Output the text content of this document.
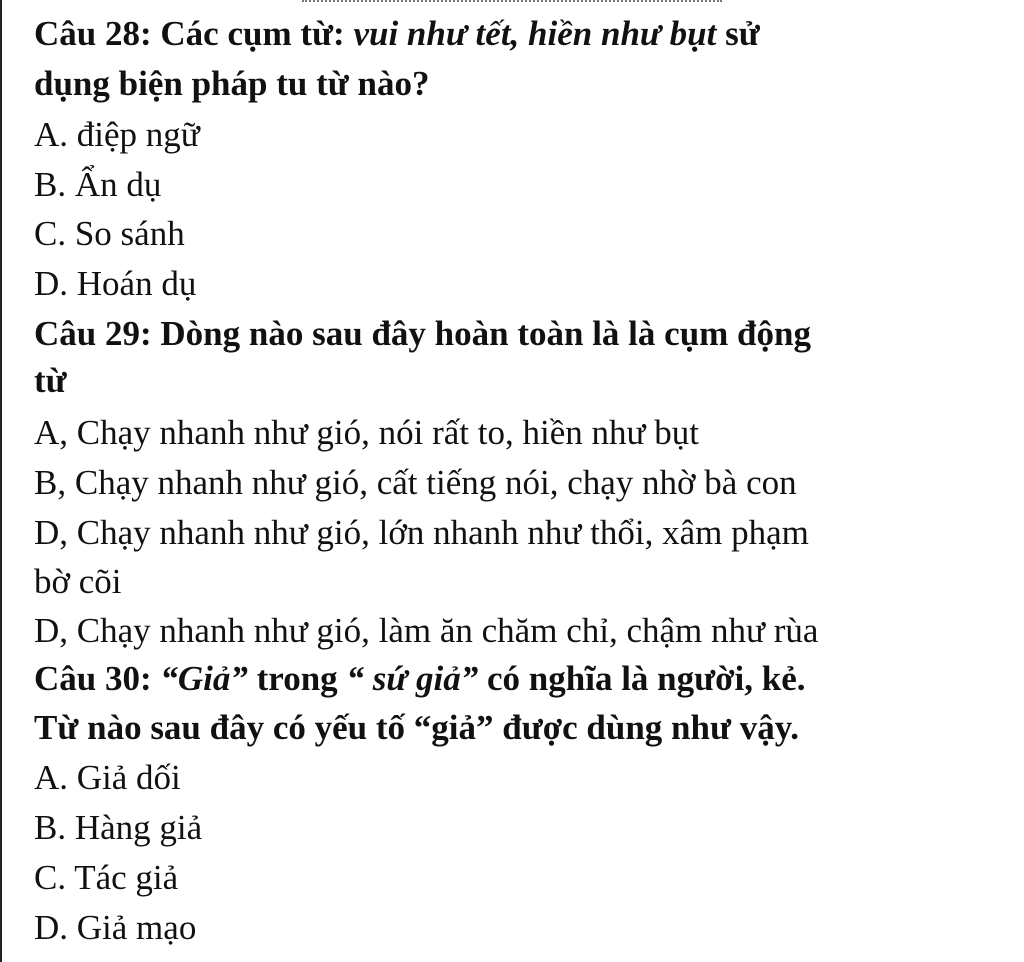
Câu 28: Các cụm từ: vui như tết, hiền như bụt sử
dụng biện pháp tu từ nào?
A. điệp ngữ
B. Ẩn dụ
C. So sánh
D. Hoán dụ
Câu 29: Dòng nào sau đây hoàn toàn là là cụm động
từ
A, Chạy nhanh như gió, nói rất to, hiền như bụt
B, Chạy nhanh như gió, cất tiếng nói, chạy nhờ bà con
D, Chạy nhanh như gió, lớn nhanh như thổi, xâm phạm
bờ cõi
D, Chạy nhanh như gió, làm ăn chăm chỉ, chậm như rùa
Câu 30: “Giả” trong “ sứ giả” có nghĩa là người, kẻ.
Từ nào sau đây có yếu tố “giả” được dùng như vậy.
A. Giả dối
B. Hàng giả
C. Tác giả
D. Giả mạo
